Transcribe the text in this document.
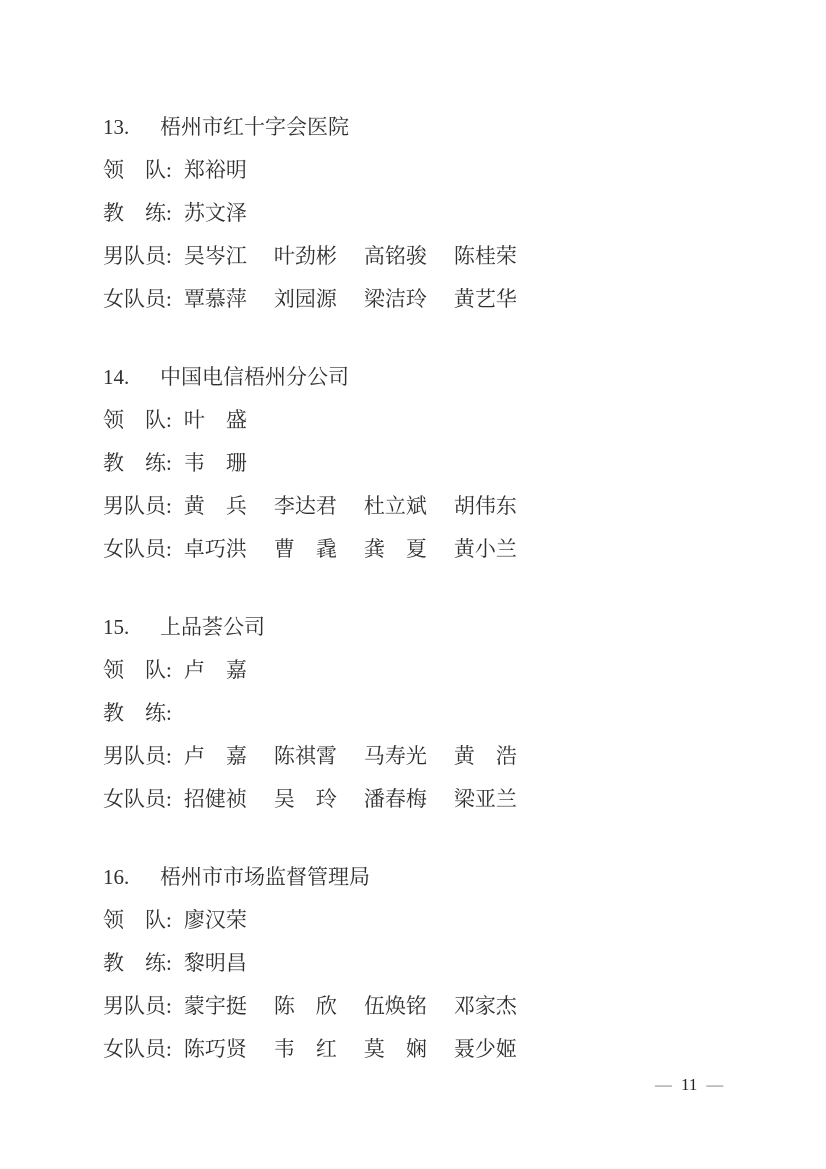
13. 梧州市红十字会医院
领　队: 郑裕明
教　练: 苏文泽
男队员: 吴岑江 叶劲彬 高铭骏 陈桂荣
女队员: 覃慕萍 刘园源 梁洁玲 黄艺华
14. 中国电信梧州分公司
领　队: 叶　盛
教　练: 韦　珊
男队员: 黄　兵 李达君 杜立斌 胡伟东
女队员: 卓巧洪 曹　毳 龚　夏 黄小兰
15. 上品荟公司
领　队: 卢　嘉
教　练:
男队员: 卢　嘉 陈祺霄 马寿光 黄　浩
女队员: 招健祯 吴　玲 潘春梅 梁亚兰
16. 梧州市市场监督管理局
领　队: 廖汉荣
教　练: 黎明昌
男队员: 蒙宇挺 陈　欣 伍焕铭 邓家杰
女队员: 陈巧贤 韦　红 莫　娴 聂少姬
— 11 —
